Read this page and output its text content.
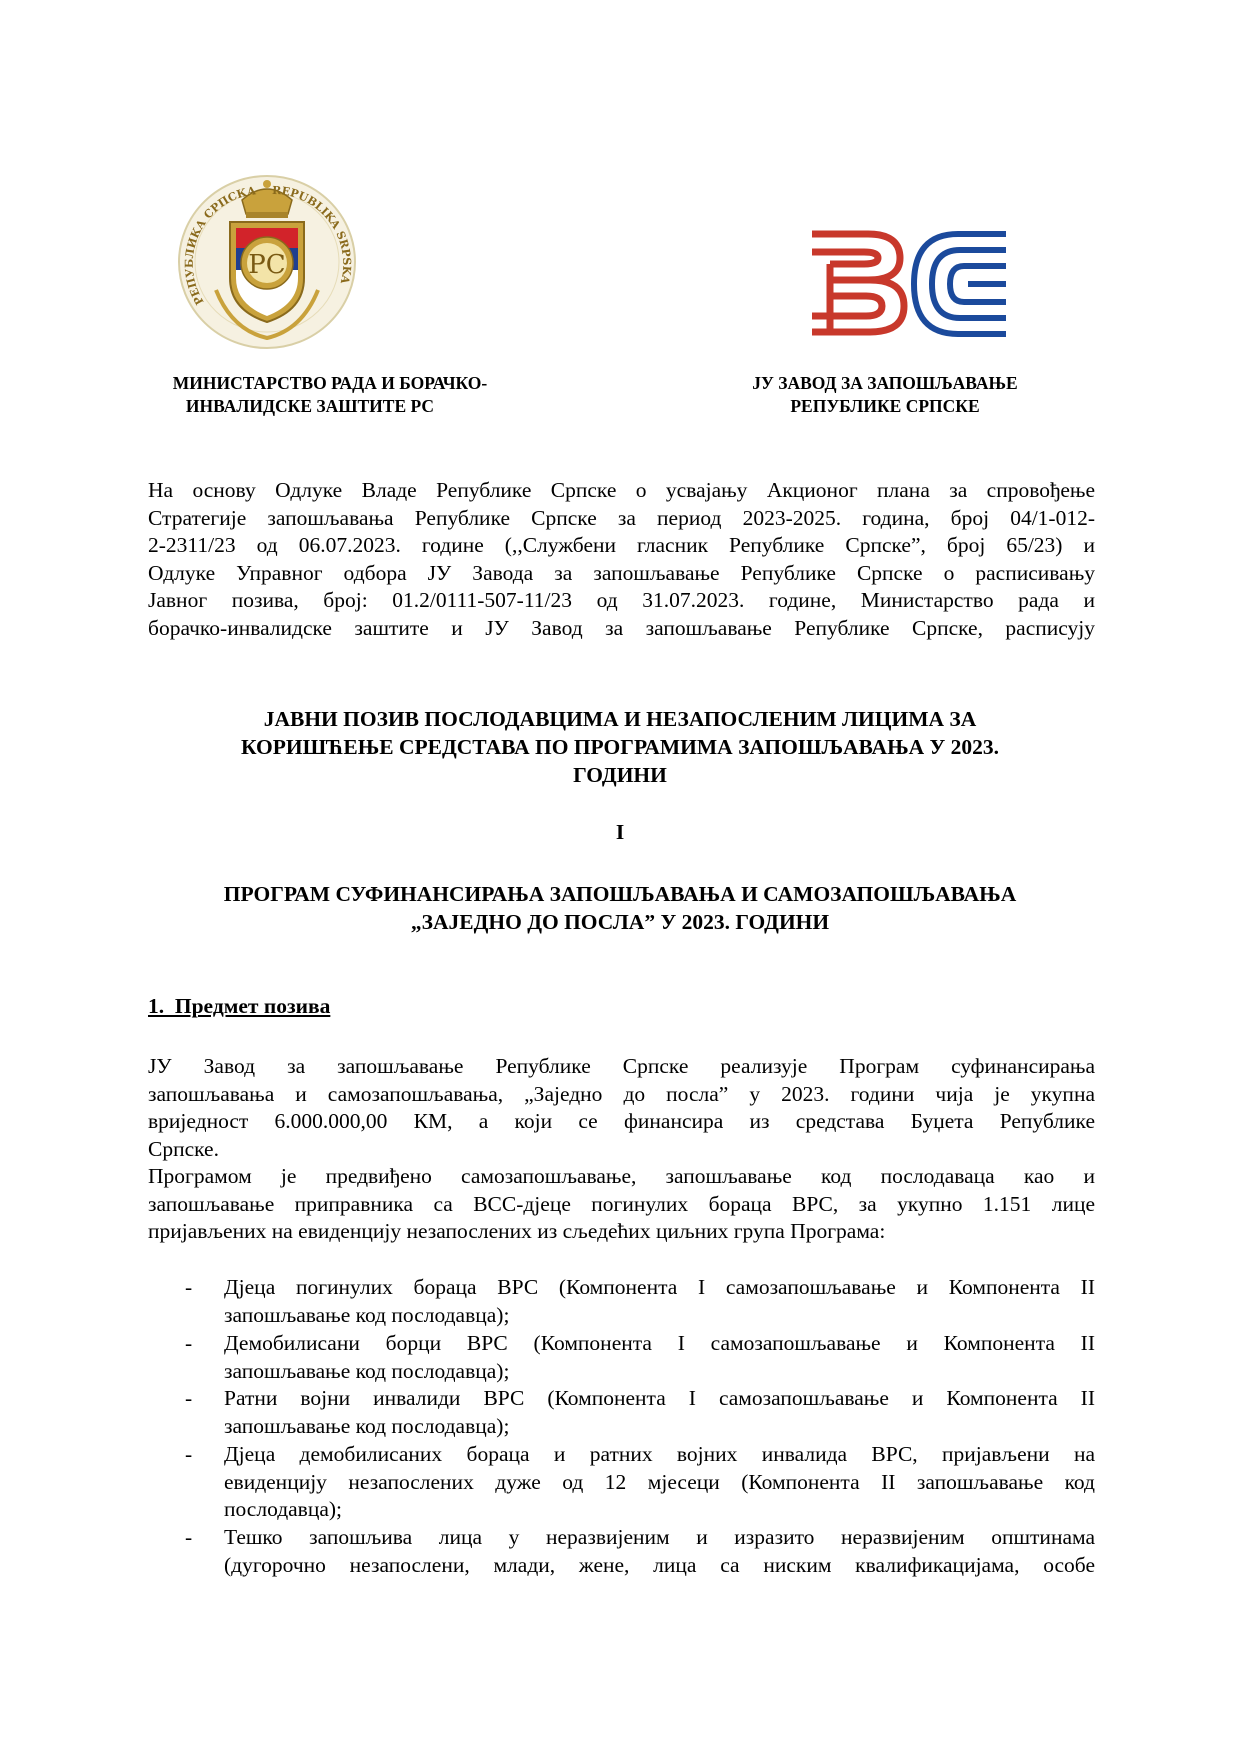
РС
РЕПУБЛИКА СРПСКА REPUBLIKA SRPSKA
МИНИСТАРСТВО РАДА И БОРАЧКО-
ИНВАЛИДСКЕ ЗАШТИТЕ РС
ЈУ ЗАВОД ЗА ЗАПОШЉАВАЊЕ
РЕПУБЛИКЕ СРПСКЕ
На основу Одлуке Владе Републике Српске о усвајању Акционог плана за спровођење
Стратегије запошљавања Републике Српске за период 2023-2025. година, број 04/1-012-
2-2311/23 од 06.07.2023. године (,,Службени гласник Републике Српске”, број 65/23) и
Одлуке Управног одбора ЈУ Завода за запошљавање Републике Српске о расписивању
Јавног позива, број: 01.2/0111-507-11/23 од 31.07.2023. године, Министарство рада и
борачко-инвалидске заштите и ЈУ Завод за запошљавање Републике Српске, расписују
ЈАВНИ ПОЗИВ ПОСЛОДАВЦИМА И НЕЗАПОСЛЕНИМ ЛИЦИМА ЗА
КОРИШЋЕЊЕ СРЕДСТАВА ПО ПРОГРАМИМА ЗАПОШЉАВАЊА У 2023.
ГОДИНИ
I
ПРОГРАМ СУФИНАНСИРАЊА ЗАПОШЉАВАЊА И САМОЗАПОШЉАВАЊА
„ЗАЈЕДНО ДО ПОСЛА” У 2023. ГОДИНИ
1.  Предмет позива
ЈУ Завод за запошљавање Републике Српске реализује Програм суфинансирања
запошљавања и самозапошљавања, „Заједно до посла” у 2023. години чија је укупна
вриједност 6.000.000,00 КМ, а који се финансира из средстава Буџета Републике
Српске.
Програмом је предвиђено самозапошљавање, запошљавање код послодаваца као и
запошљавање приправника са ВСС-дјеце погинулих бораца ВРС, за укупно 1.151 лице
пријављених на евиденцију незапослених из сљедећих циљних група Програма:
- Дјеца погинулих бораца ВРС (Компонента I самозапошљавање и Компонента II
запошљавање код послодавца);
- Демобилисани борци ВРС (Компонента I самозапошљавање и Компонента II
запошљавање код послодавца);
- Ратни војни инвалиди ВРС (Компонента I самозапошљавање и Компонента II
запошљавање код послодавца);
- Дјеца демобилисаних бораца и ратних војних инвалида ВРС, пријављени на
евиденцију незапослених дуже од 12 мјесеци (Компонента II запошљавање код
послодавца);
- Тешко запошљива лица у неразвијеним и изразито неразвијеним општинама
(дугорочно незапослени, млади, жене, лица са ниским квалификацијама, особе
